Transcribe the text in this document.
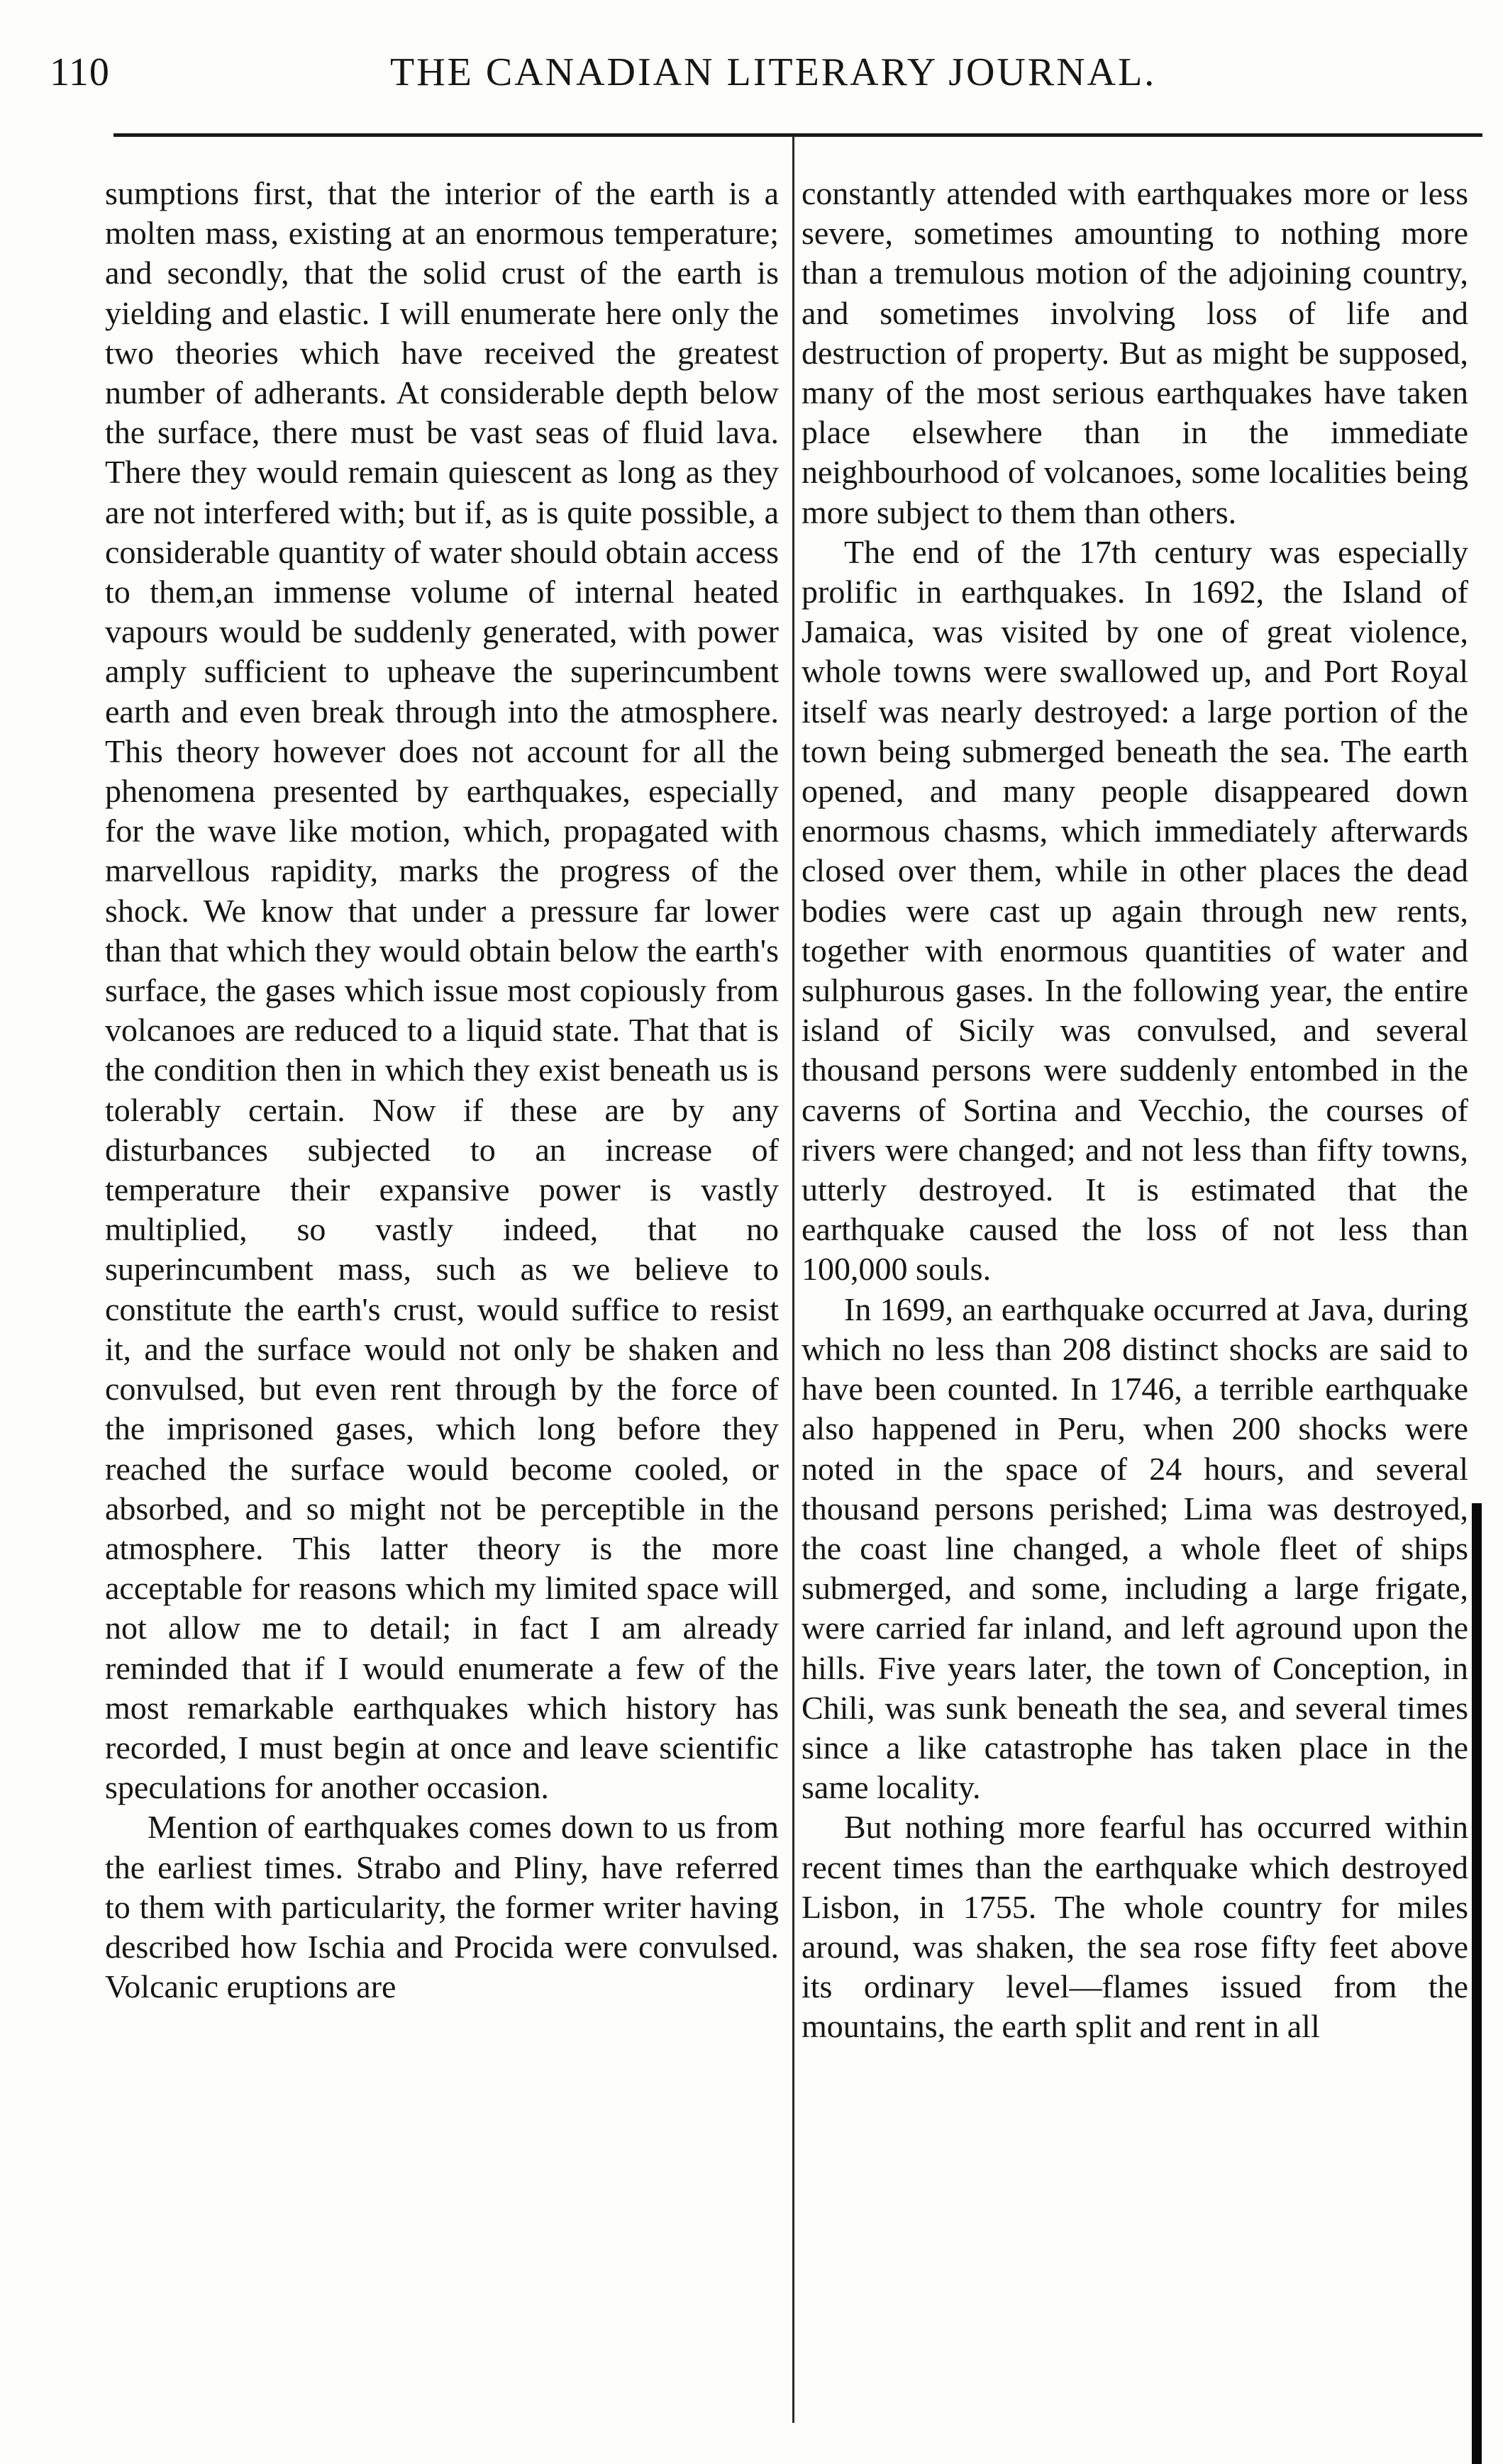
110	THE CANADIAN LITERARY JOURNAL.

sumptions first, that the interior of the earth is a molten mass, existing at an enormous temperature; and secondly, that the solid crust of the earth is yielding and elastic. I will enumerate here only the two theories which have received the greatest number of adherants. At considerable depth below the surface, there must be vast seas of fluid lava. There they would remain quiescent as long as they are not interfered with; but if, as is quite possible, a considerable quantity of water should obtain access to them,an immense volume of internal heated vapours would be suddenly generated, with power amply sufficient to upheave the superincumbent earth and even break through into the atmosphere. This theory however does not account for all the phenomena presented by earthquakes, especially for the wave like motion, which, propagated with marvellous rapidity, marks the progress of the shock. We know that under a pressure far lower than that which they would obtain below the earth's surface, the gases which issue most copiously from volcanoes are reduced to a liquid state. That that is the condition then in which they exist beneath us is tolerably certain. Now if these are by any disturbances subjected to an increase of temperature their expansive power is vastly multiplied, so vastly indeed, that no superincumbent mass, such as we believe to constitute the earth's crust, would suffice to resist it, and the surface would not only be shaken and convulsed, but even rent through by the force of the imprisoned gases, which long before they reached the surface would become cooled, or absorbed, and so might not be perceptible in the atmosphere. This latter theory is the more acceptable for reasons which my limited space will not allow me to detail; in fact I am already reminded that if I would enumerate a few of the most remarkable earthquakes which history has recorded, I must begin at once and leave scientific speculations for another occasion.

Mention of earthquakes comes down to us from the earliest times. Strabo and Pliny, have referred to them with particularity, the former writer having described how Ischia and Procida were convulsed. Volcanic eruptions are

constantly attended with earthquakes more or less severe, sometimes amounting to nothing more than a tremulous motion of the adjoining country, and sometimes involving loss of life and destruction of property. But as might be supposed, many of the most serious earthquakes have taken place elsewhere than in the immediate neighbourhood of volcanoes, some localities being more subject to them than others.

The end of the 17th century was especially prolific in earthquakes. In 1692, the Island of Jamaica, was visited by one of great violence, whole towns were swallowed up, and Port Royal itself was nearly destroyed: a large portion of the town being submerged beneath the sea. The earth opened, and many people disappeared down enormous chasms, which immediately afterwards closed over them, while in other places the dead bodies were cast up again through new rents, together with enormous quantities of water and sulphurous gases. In the following year, the entire island of Sicily was convulsed, and several thousand persons were suddenly entombed in the caverns of Sortina and Vecchio, the courses of rivers were changed; and not less than fifty towns, utterly destroyed. It is estimated that the earthquake caused the loss of not less than 100,000 souls.

In 1699, an earthquake occurred at Java, during which no less than 208 distinct shocks are said to have been counted. In 1746, a terrible earthquake also happened in Peru, when 200 shocks were noted in the space of 24 hours, and several thousand persons perished; Lima was destroyed, the coast line changed, a whole fleet of ships submerged, and some, including a large frigate, were carried far inland, and left aground upon the hills. Five years later, the town of Conception, in Chili, was sunk beneath the sea, and several times since a like catastrophe has taken place in the same locality.

But nothing more fearful has occurred within recent times than the earthquake which destroyed Lisbon, in 1755. The whole country for miles around, was shaken, the sea rose fifty feet above its ordinary level—flames issued from the mountains, the earth split and rent in all
